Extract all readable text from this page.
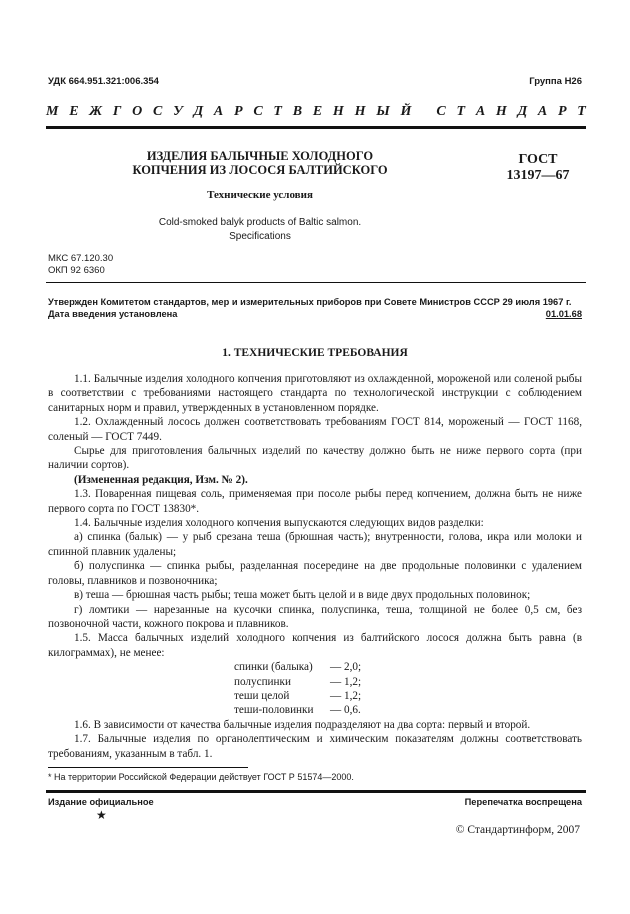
УДК 664.951.321:006.354	Группа Н26
М Е Ж Г О С У Д А Р С Т В Е Н Н Ы Й
С Т А Н Д А Р Т
ИЗДЕЛИЯ БАЛЫЧНЫЕ ХОЛОДНОГО
КОПЧЕНИЯ ИЗ ЛОСОСЯ БАЛТИЙСКОГО
ГОСТ
13197—67
Технические условия
Cold-smoked balyk products of Baltic salmon.
Specifications
МКС 67.120.30
ОКП 92 6360
Утвержден Комитетом стандартов, мер и измерительных приборов при Совете Министров СССР 29 июля 1967 г.
Дата введения установлена	01.01.68
1. ТЕХНИЧЕСКИЕ ТРЕБОВАНИЯ

1.1. Балычные изделия холодного копчения приготовляют из охлажденной, мороженой или соленой рыбы в соответствии с требованиями настоящего стандарта по технологической инструкции с соблюдением санитарных норм и правил, утвержденных в установленном порядке.

1.2. Охлажденный лосось должен соответствовать требованиям ГОСТ 814, мороженый — ГОСТ 1168, соленый — ГОСТ 7449.

Сырье для приготовления балычных изделий по качеству должно быть не ниже первого сорта (при наличии сортов).

(Измененная редакция, Изм. № 2).

1.3. Поваренная пищевая соль, применяемая при посоле рыбы перед копчением, должна быть не ниже первого сорта по ГОСТ 13830*.

1.4. Балычные изделия холодного копчения выпускаются следующих видов разделки:

а) спинка (балык) — у рыб срезана теша (брюшная часть); внутренности, голова, икра или молоки и спинной плавник удалены;

б) полуспинка — спинка рыбы, разделанная посередине на две продольные половинки с удалением головы, плавников и позвоночника;

в) теша — брюшная часть рыбы; теша может быть целой и в виде двух продольных половинок;

г) ломтики — нарезанные на кусочки спинка, полуспинка, теша, толщиной не более 0,5 см, без позвоночной части, кожного покрова и плавников.

1.5. Масса балычных изделий холодного копчения из балтийского лосося должна быть равна (в килограммах), не менее:

спинки (балыка)	— 2,0;
полуспинки	— 1,2;
теши целой	— 1,2;
теши-половинки	— 0,6.

1.6. В зависимости от качества балычные изделия подразделяют на два сорта: первый и второй.

1.7. Балычные изделия по органолептическим и химическим показателям должны соответствовать требованиям, указанным в табл. 1.

* На территории Российской Федерации действует ГОСТ Р 51574—2000.
Издание официальное
★
Перепечатка воспрещена
© Стандартинформ, 2007
